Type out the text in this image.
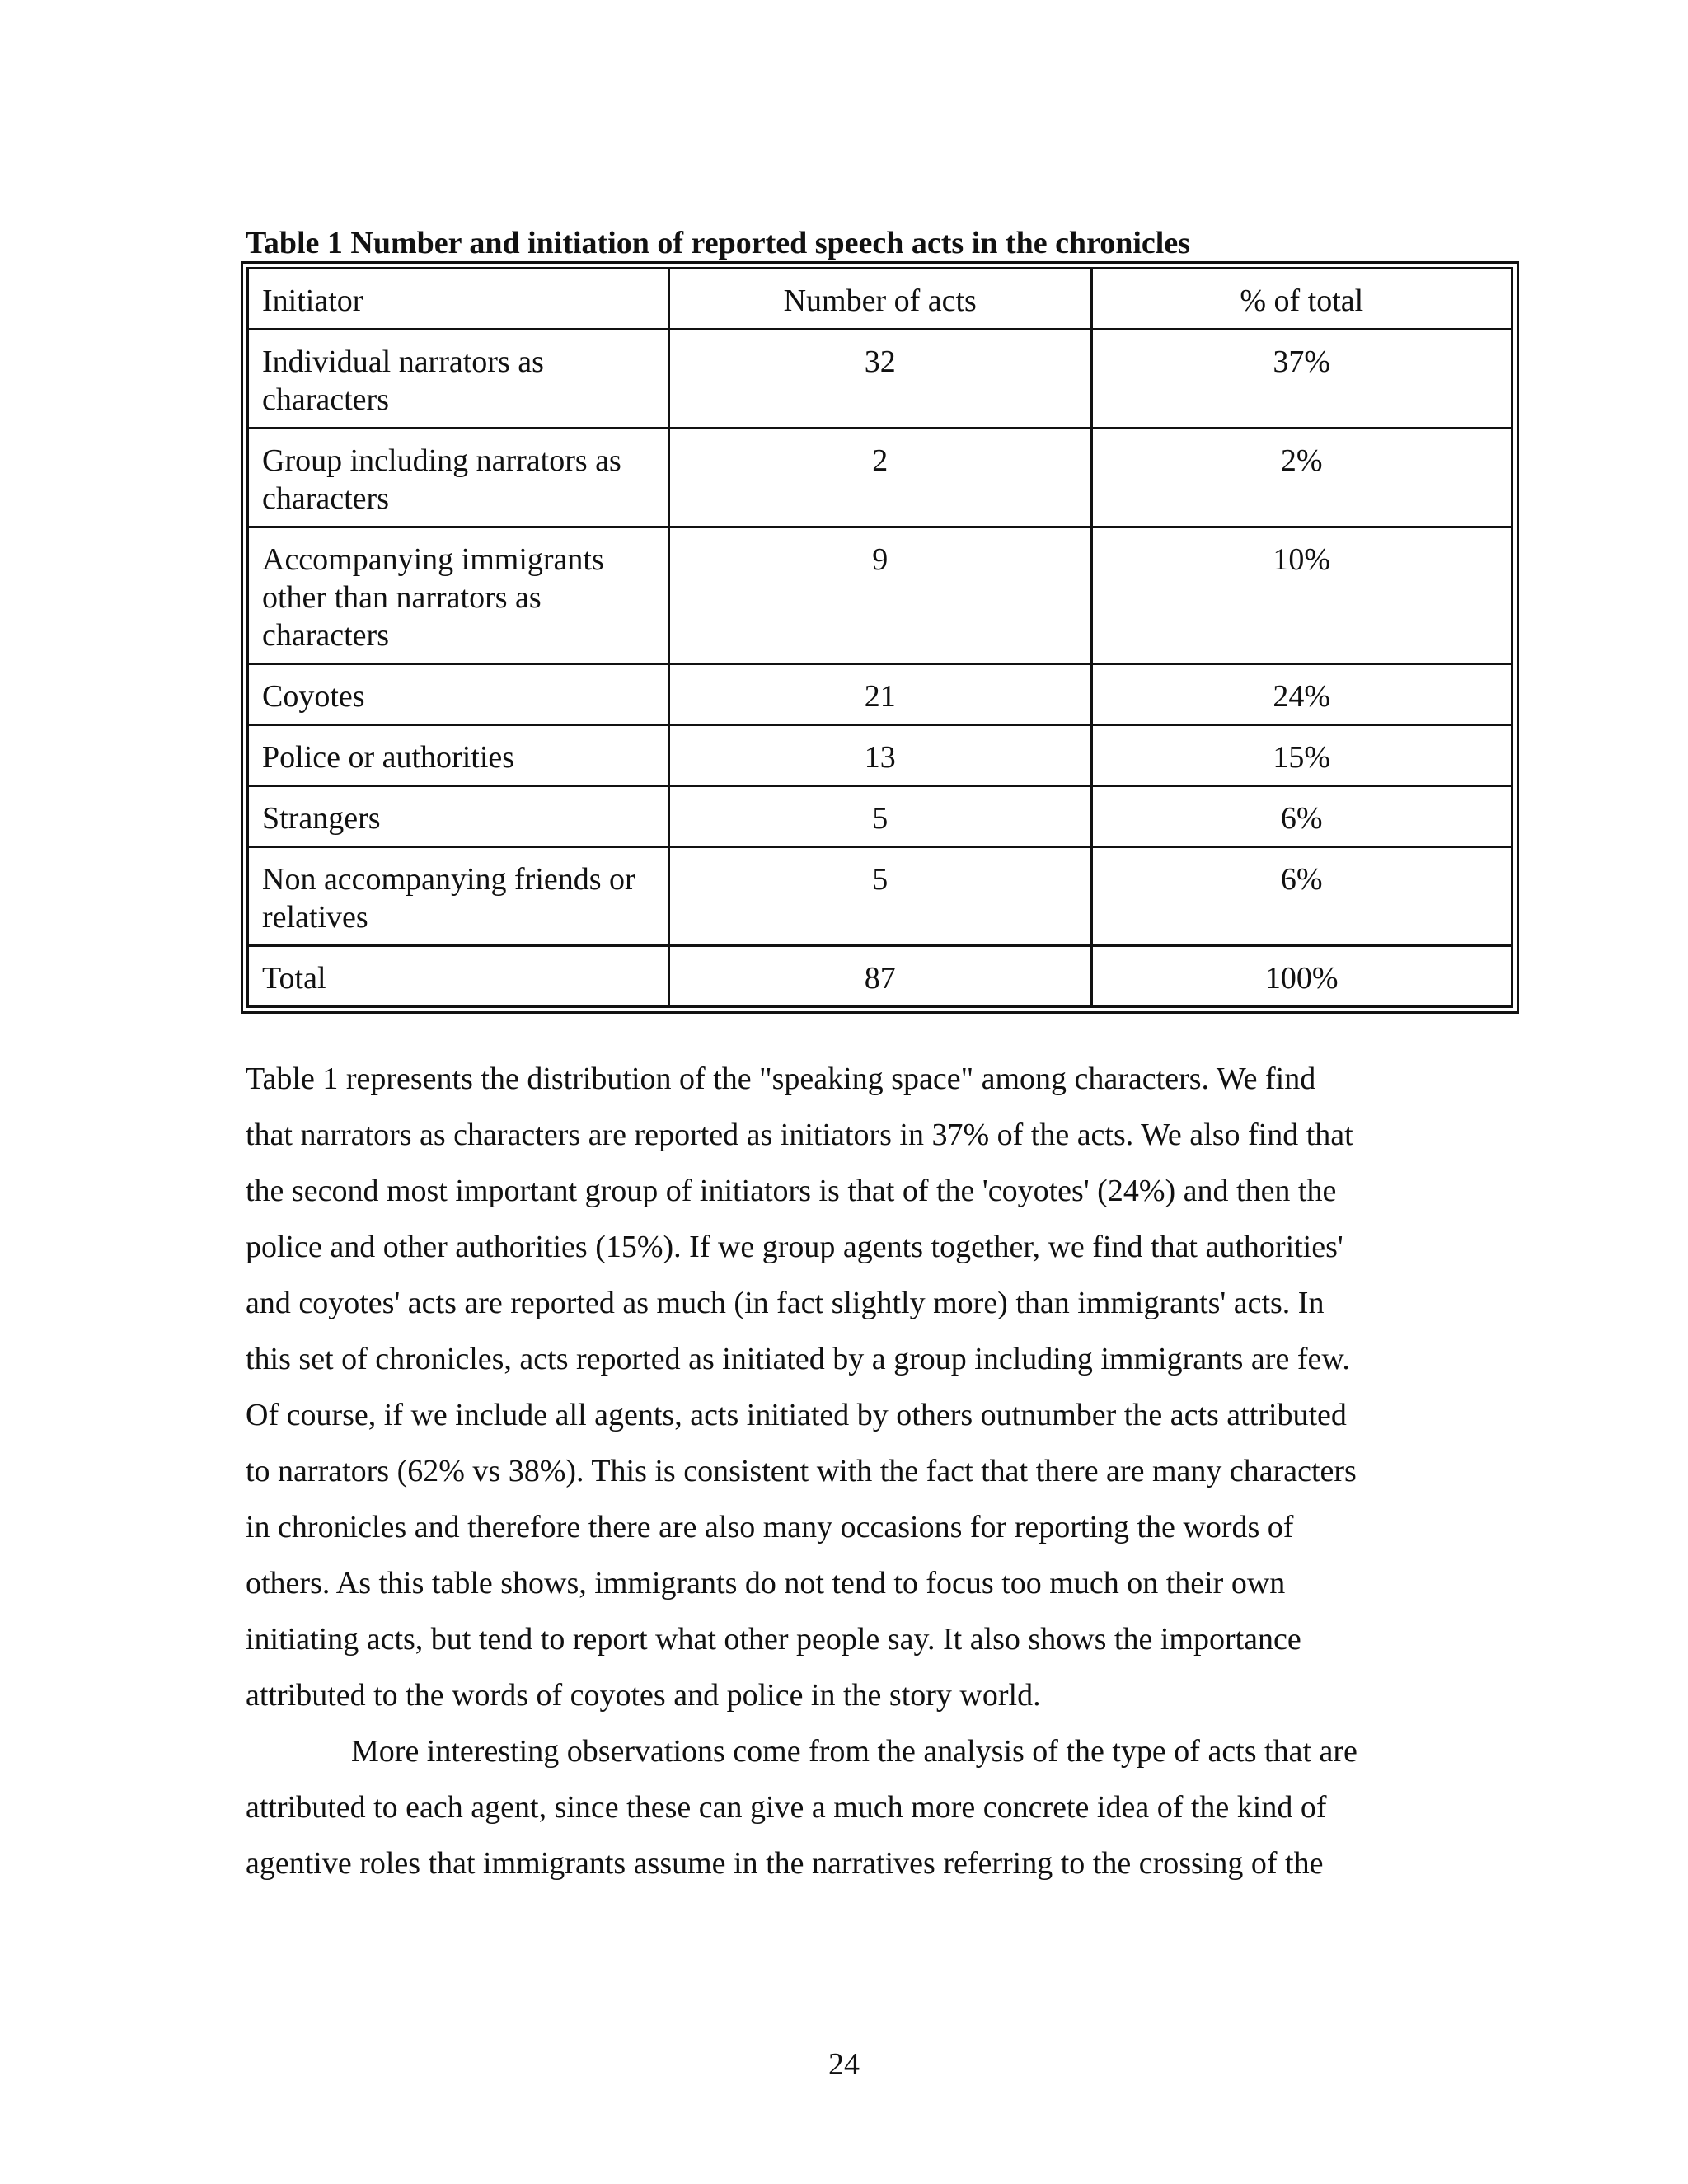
Table 1 Number and initiation of reported speech acts in the chronicles
Initiator	Number of acts	% of total

Individual narrators as
characters	32	37%

Group including narrators as
characters	2	2%

Accompanying immigrants
other than narrators as
characters	9	10%

Coyotes	21	24%

Police or authorities	13	15%

Strangers	5	6%

Non accompanying friends or
relatives	5	6%

Total	87	100%

Table 1 represents the distribution of the "speaking space" among characters. We find
that narrators as characters are reported as initiators in 37% of the acts. We also find that
the second most important group of initiators is that of the 'coyotes' (24%) and then the
police and other authorities (15%). If we group agents together, we find that authorities'
and coyotes' acts are reported as much (in fact slightly more) than immigrants' acts. In
this set of chronicles, acts reported as initiated by a group including immigrants are few.
Of course, if we include all agents, acts initiated by others outnumber the acts attributed
to narrators (62% vs 38%). This is consistent with the fact that there are many characters
in chronicles and therefore there are also many occasions for reporting the words of
others. As this table shows, immigrants do not tend to focus too much on their own
initiating acts, but tend to report what other people say. It also shows the importance
attributed to the words of coyotes and police in the story world.

More interesting observations come from the analysis of the type of acts that are
attributed to each agent, since these can give a much more concrete idea of the kind of
agentive roles that immigrants assume in the narratives referring to the crossing of the

24
